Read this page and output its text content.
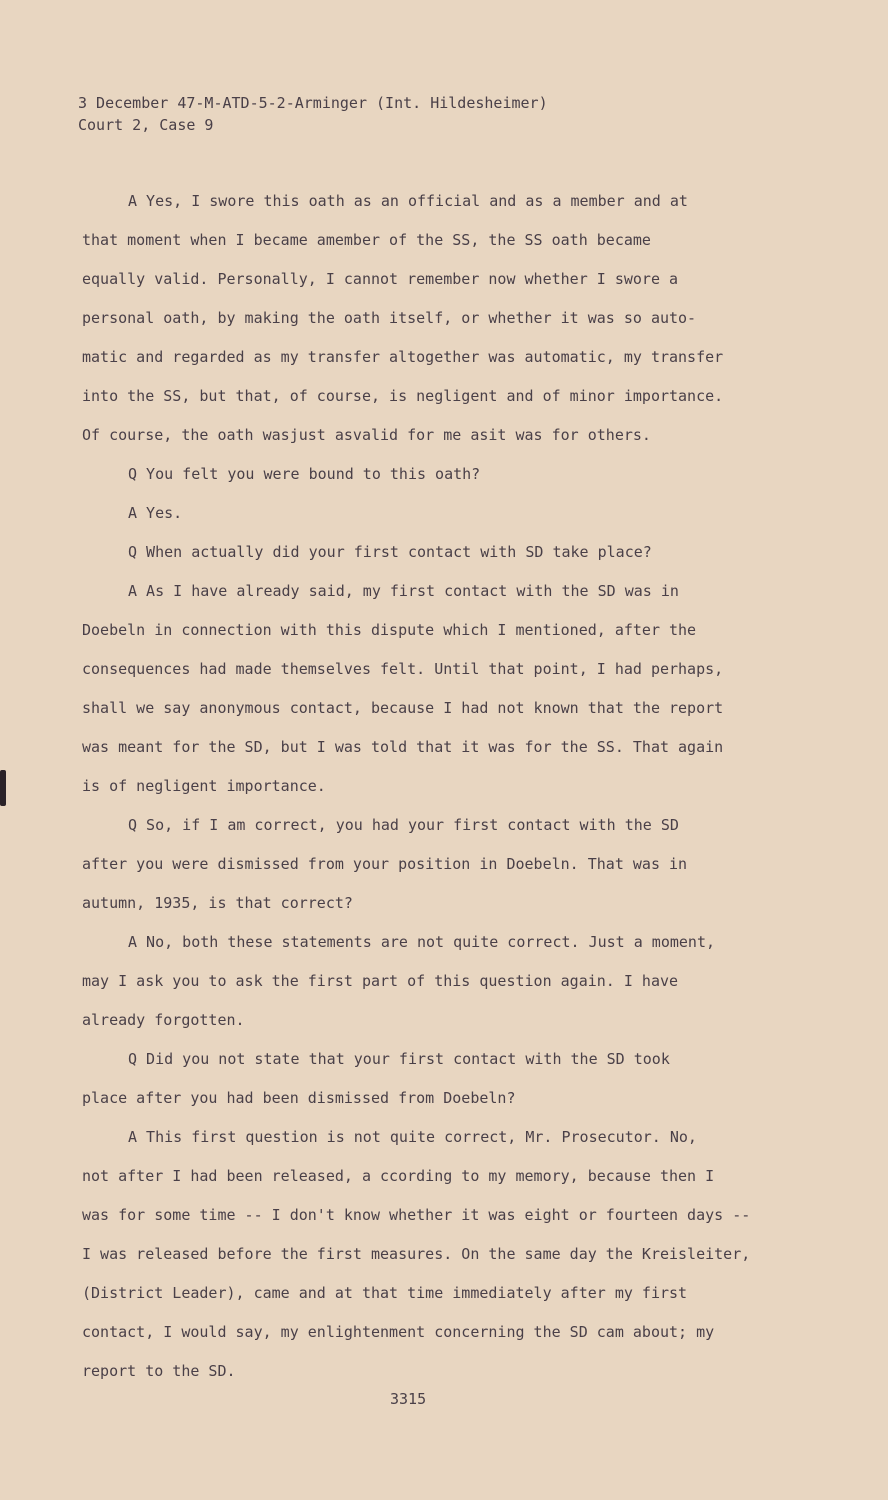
3 December 47-M-ATD-5-2-Arminger (Int. Hildesheimer)
Court 2, Case 9
A Yes, I swore this oath as an official and as a member and at
that moment when I became amember of the SS, the SS oath became
equally valid. Personally, I cannot remember now whether I swore a
personal oath, by making the oath itself, or whether it was so auto-
matic and regarded as my transfer altogether was automatic, my transfer
into the SS, but that, of course, is negligent and of minor importance.
Of course, the oath wasjust asvalid for me asit was for others.
Q You felt you were bound to this oath?
A Yes.
Q When actually did your first contact with SD take place?
A As I have already said, my first contact with the SD was in
Doebeln in connection with this dispute which I mentioned, after the
consequences had made themselves felt. Until that point, I had perhaps,
shall we say anonymous contact, because I had not known that the report
was meant for the SD, but I was told that it was for the SS. That again
is of negligent importance.
Q So, if I am correct, you had your first contact with the SD
after you were dismissed from your position in Doebeln. That was in
autumn, 1935, is that correct?
A No, both these statements are not quite correct. Just a moment,
may I ask you to ask the first part of this question again. I have
already forgotten.
Q Did you not state that your first contact with the SD took
place after you had been dismissed from Doebeln?
A This first question is not quite correct, Mr. Prosecutor. No,
not after I had been released, a ccording to my memory, because then I
was for some time -- I don't know whether it was eight or fourteen days --
I was released before the first measures. On the same day the Kreisleiter,
(District Leader), came and at that time immediately after my first
contact, I would say, my enlightenment concerning the SD cam about; my
report to the SD.
3315
